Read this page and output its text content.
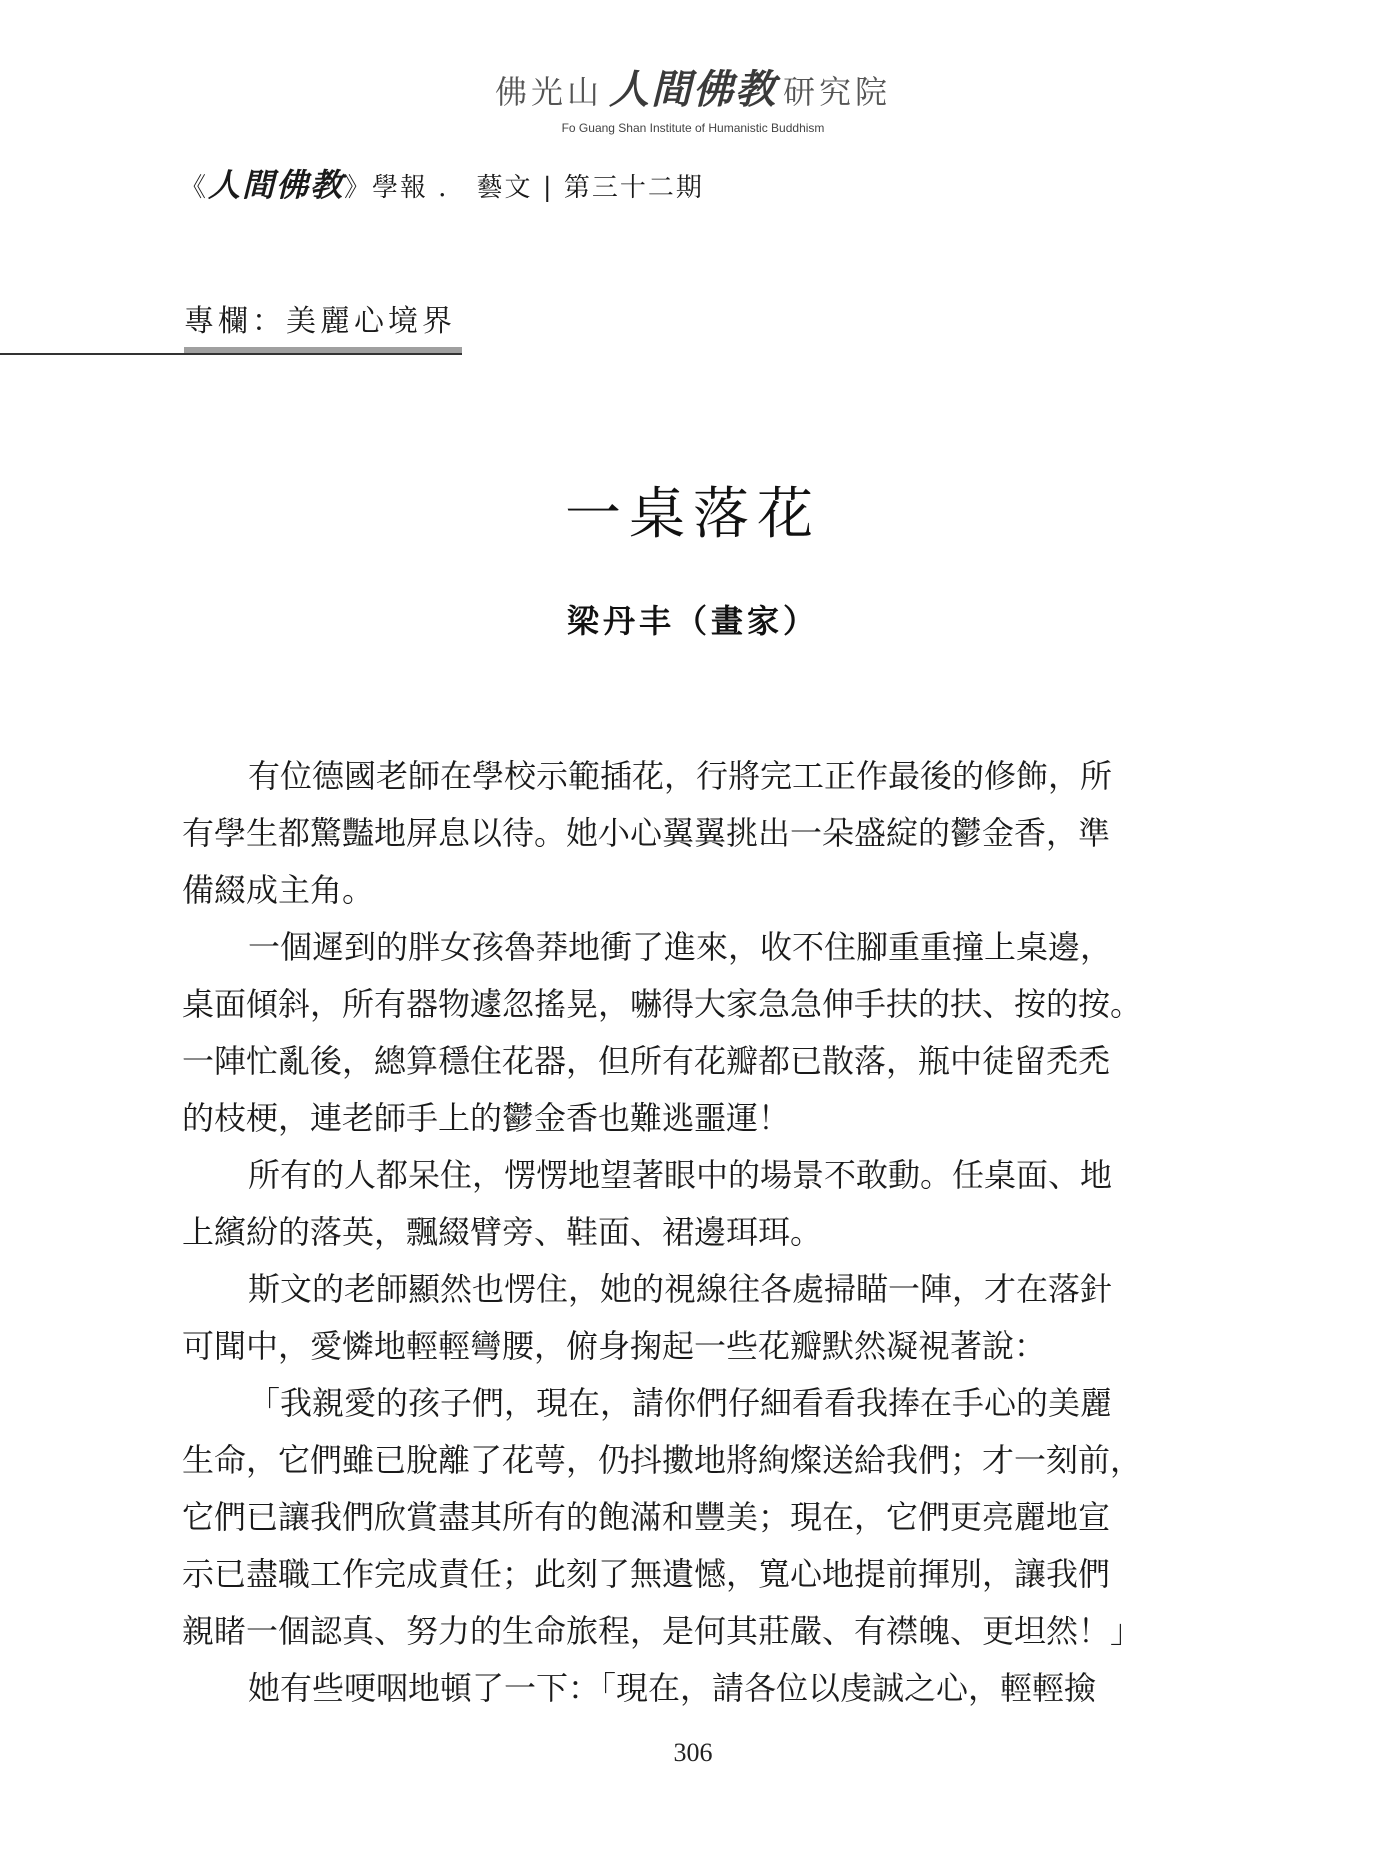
佛光山 人間佛教 研究院
Fo Guang Shan Institute of Humanistic Buddhism
《人間佛教》學報 ． 藝文 | 第三十二期
專欄：美麗心境界
一桌落花
梁丹丰（畫家）
有位德國老師在學校示範插花，行將完工正作最後的修飾，所
有學生都驚豔地屏息以待。她小心翼翼挑出一朵盛綻的鬱金香，準
備綴成主角。
一個遲到的胖女孩魯莽地衝了進來，收不住腳重重撞上桌邊，
桌面傾斜，所有器物遽忽搖晃，嚇得大家急急伸手扶的扶、按的按。
一陣忙亂後，總算穩住花器，但所有花瓣都已散落，瓶中徒留禿禿
的枝梗，連老師手上的鬱金香也難逃噩運！
所有的人都呆住，愣愣地望著眼中的場景不敢動。任桌面、地
上繽紛的落英，飄綴臂旁、鞋面、裙邊珥珥。
斯文的老師顯然也愣住，她的視線往各處掃瞄一陣，才在落針
可聞中，愛憐地輕輕彎腰，俯身掬起一些花瓣默然凝視著說：
「我親愛的孩子們，現在，請你們仔細看看我捧在手心的美麗
生命，它們雖已脫離了花萼，仍抖擻地將絢燦送給我們；才一刻前，
它們已讓我們欣賞盡其所有的飽滿和豐美；現在，它們更亮麗地宣
示已盡職工作完成責任；此刻了無遺憾，寬心地提前揮別，讓我們
親睹一個認真、努力的生命旅程，是何其莊嚴、有襟魄、更坦然！」
她有些哽咽地頓了一下：「現在，請各位以虔誠之心，輕輕撿
306
